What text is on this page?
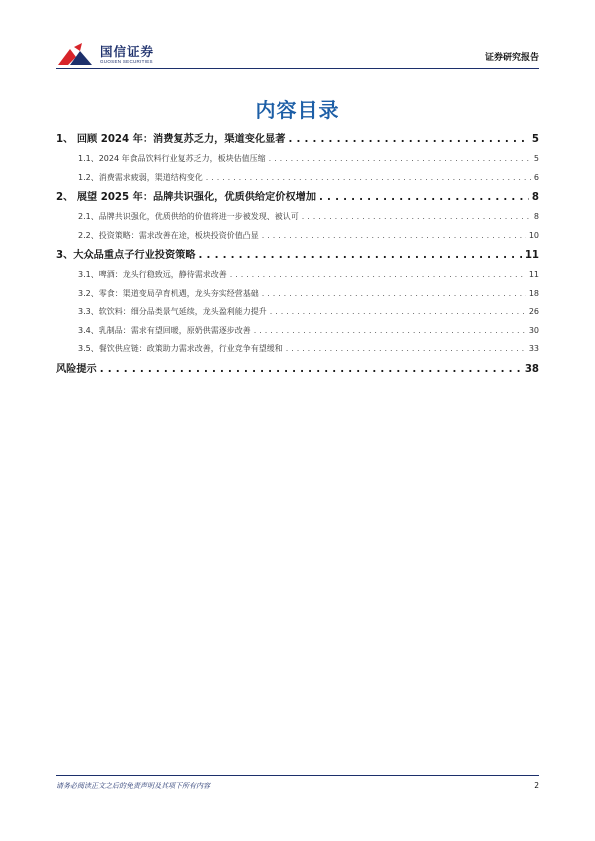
国信证券
GUOSEN SECURITIES	证券研究报告
内容目录
1、 回顾 2024 年：消费复苏乏力，渠道变化显著 . . .	5
1.1、2024 年食品饮料行业复苏乏力，板块估值压缩 . . .	5
1.2、消费需求疲弱，渠道结构变化 . . .	6
2、 展望 2025 年：品牌共识强化，优质供给定价权增加 . . .	8
2.1、品牌共识强化，优质供给的价值将进一步被发现、被认可 . . .	8
2.2、投资策略：需求改善在途，板块投资价值凸显 . . .	10
3、大众品重点子行业投资策略 . . .	11
3.1、啤酒：龙头行稳致远，静待需求改善 . . .	11
3.2、零食：渠道变局孕育机遇，龙头夯实经营基础 . . .	18
3.3、软饮料：细分品类景气延续，龙头盈利能力提升 . . .	26
3.4、乳制品：需求有望回暖，原奶供需逐步改善 . . .	30
3.5、餐饮供应链：政策助力需求改善，行业竞争有望缓和 . . .	33
风险提示 . . .	38
请务必阅读正文之后的免责声明及其项下所有内容	2
